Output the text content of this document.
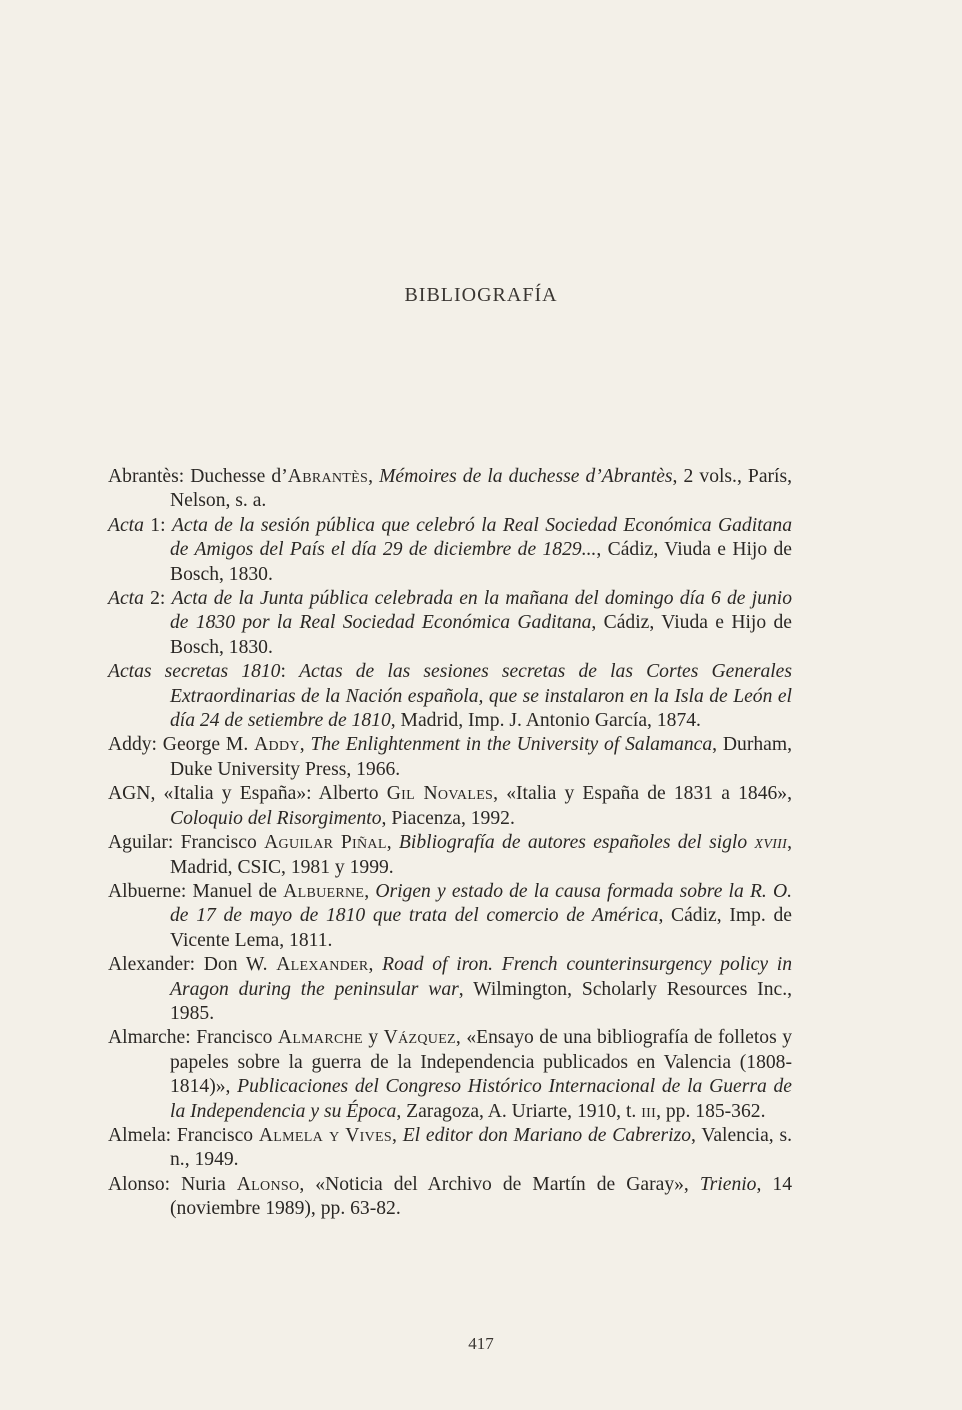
BIBLIOGRAFÍA

Abrantès: Duchesse d’Abrantès, Mémoires de la duchesse d’Abrantès, 2 vols., París, Nelson, s. a.

Acta 1: Acta de la sesión pública que celebró la Real Sociedad Económica Gaditana de Amigos del País el día 29 de diciembre de 1829..., Cádiz, Viuda e Hijo de Bosch, 1830.

Acta 2: Acta de la Junta pública celebrada en la mañana del domingo día 6 de junio de 1830 por la Real Sociedad Económica Gaditana, Cádiz, Viuda e Hijo de Bosch, 1830.

Actas secretas 1810: Actas de las sesiones secretas de las Cortes Generales Extraordinarias de la Nación española, que se instalaron en la Isla de León el día 24 de setiembre de 1810, Madrid, Imp. J. Antonio García, 1874.

Addy: George M. Addy, The Enlightenment in the University of Salamanca, Durham, Duke University Press, 1966.

AGN, «Italia y España»: Alberto Gil Novales, «Italia y España de 1831 a 1846», Coloquio del Risorgimento, Piacenza, 1992.

Aguilar: Francisco Aguilar Piñal, Bibliografía de autores españoles del siglo xviii, Madrid, CSIC, 1981 y 1999.

Albuerne: Manuel de Albuerne, Origen y estado de la causa formada sobre la R. O. de 17 de mayo de 1810 que trata del comercio de América, Cádiz, Imp. de Vicente Lema, 1811.

Alexander: Don W. Alexander, Road of iron. French counterinsurgency policy in Aragon during the peninsular war, Wilmington, Scholarly Resources Inc., 1985.

Almarche: Francisco Almarche y Vázquez, «Ensayo de una bibliografía de folletos y papeles sobre la guerra de la Independencia publicados en Valencia (1808-1814)», Publicaciones del Congreso Histórico Internacional de la Guerra de la Independencia y su Época, Zaragoza, A. Uriarte, 1910, t. iii, pp. 185-362.

Almela: Francisco Almela y Vives, El editor don Mariano de Cabrerizo, Valencia, s. n., 1949.

Alonso: Nuria Alonso, «Noticia del Archivo de Martín de Garay», Trienio, 14 (noviembre 1989), pp. 63-82.

417
